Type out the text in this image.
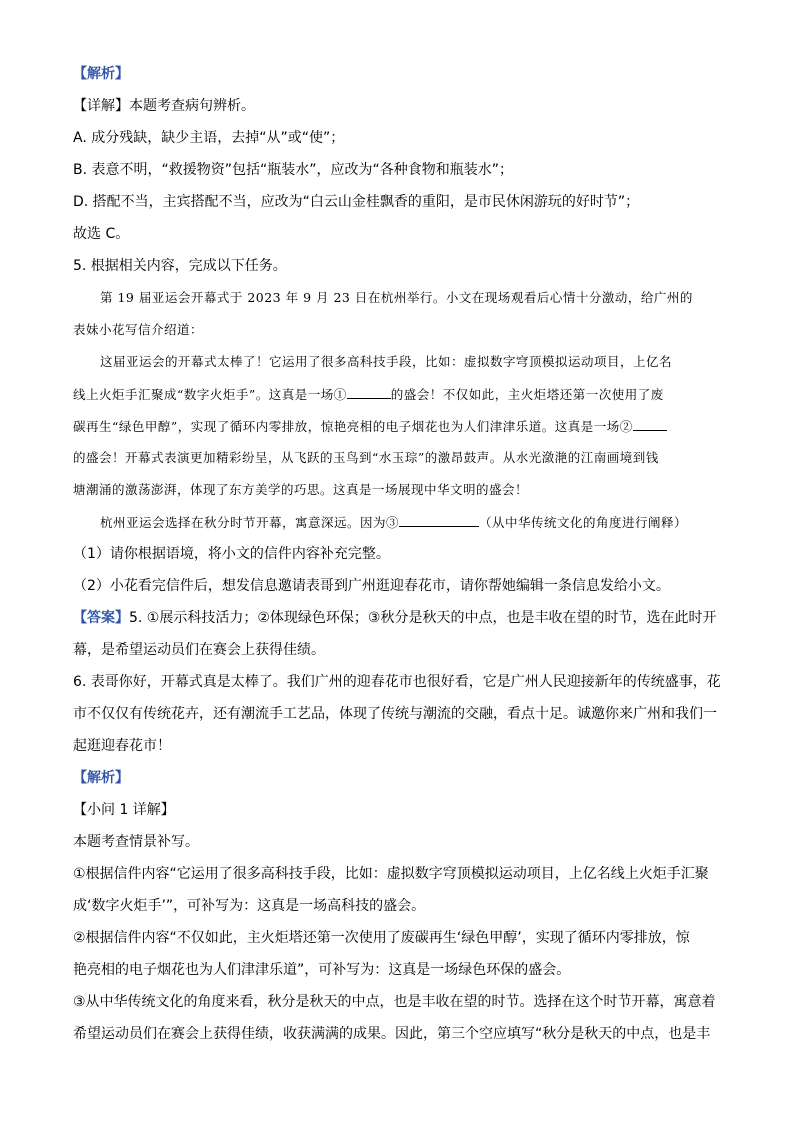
【解析】
【详解】本题考查病句辨析。
A. 成分残缺，缺少主语，去掉“从”或“使”；
B. 表意不明，“救援物资”包括“瓶装水”，应改为“各种食物和瓶装水”；
D. 搭配不当，主宾搭配不当，应改为“白云山金桂飘香的重阳，是市民休闲游玩的好时节”；
故选 C。
5. 根据相关内容，完成以下任务。
第 19 届亚运会开幕式于 2023 年 9 月 23 日在杭州举行。小文在现场观看后心情十分激动，给广州的
表妹小花写信介绍道：
这届亚运会的开幕式太棒了！它运用了很多高科技手段，比如：虚拟数字穹顶模拟运动项目，上亿名
线上火炬手汇聚成“数字火炬手”。这真是一场①	的盛会！不仅如此，主火炬塔还第一次使用了废
碳再生“绿色甲醇”，实现了循环内零排放，惊艳亮相的电子烟花也为人们津津乐道。这真是一场②
的盛会！开幕式表演更加精彩纷呈，从飞跃的玉鸟到“水玉琮”的激昂鼓声。从水光潋滟的江南画境到钱
塘潮涌的激荡澎湃，体现了东方美学的巧思。这真是一场展现中华文明的盛会！
杭州亚运会选择在秋分时节开幕，寓意深远。因为③	（从中华传统文化的角度进行阐释）
（1）请你根据语境，将小文的信件内容补充完整。
（2）小花看完信件后，想发信息邀请表哥到广州逛迎春花市，请你帮她编辑一条信息发给小文。
【答案】5. ①展示科技活力；②体现绿色环保；③秋分是秋天的中点，也是丰收在望的时节，选在此时开
幕，是希望运动员们在赛会上获得佳绩。
6. 表哥你好，开幕式真是太棒了。我们广州的迎春花市也很好看，它是广州人民迎接新年的传统盛事，花
市不仅仅有传统花卉，还有潮流手工艺品，体现了传统与潮流的交融，看点十足。诚邀你来广州和我们一
起逛迎春花市！
【解析】
【小问 1 详解】
本题考查情景补写。
①根据信件内容“它运用了很多高科技手段，比如：虚拟数字穹顶模拟运动项目，上亿名线上火炬手汇聚
成‘数字火炬手’”，可补写为：这真是一场高科技的盛会。
②根据信件内容“不仅如此，主火炬塔还第一次使用了废碳再生‘绿色甲醇’，实现了循环内零排放，惊
艳亮相的电子烟花也为人们津津乐道”，可补写为：这真是一场绿色环保的盛会。
③从中华传统文化的角度来看，秋分是秋天的中点，也是丰收在望的时节。选择在这个时节开幕，寓意着
希望运动员们在赛会上获得佳绩，收获满满的成果。因此，第三个空应填写“秋分是秋天的中点，也是丰
